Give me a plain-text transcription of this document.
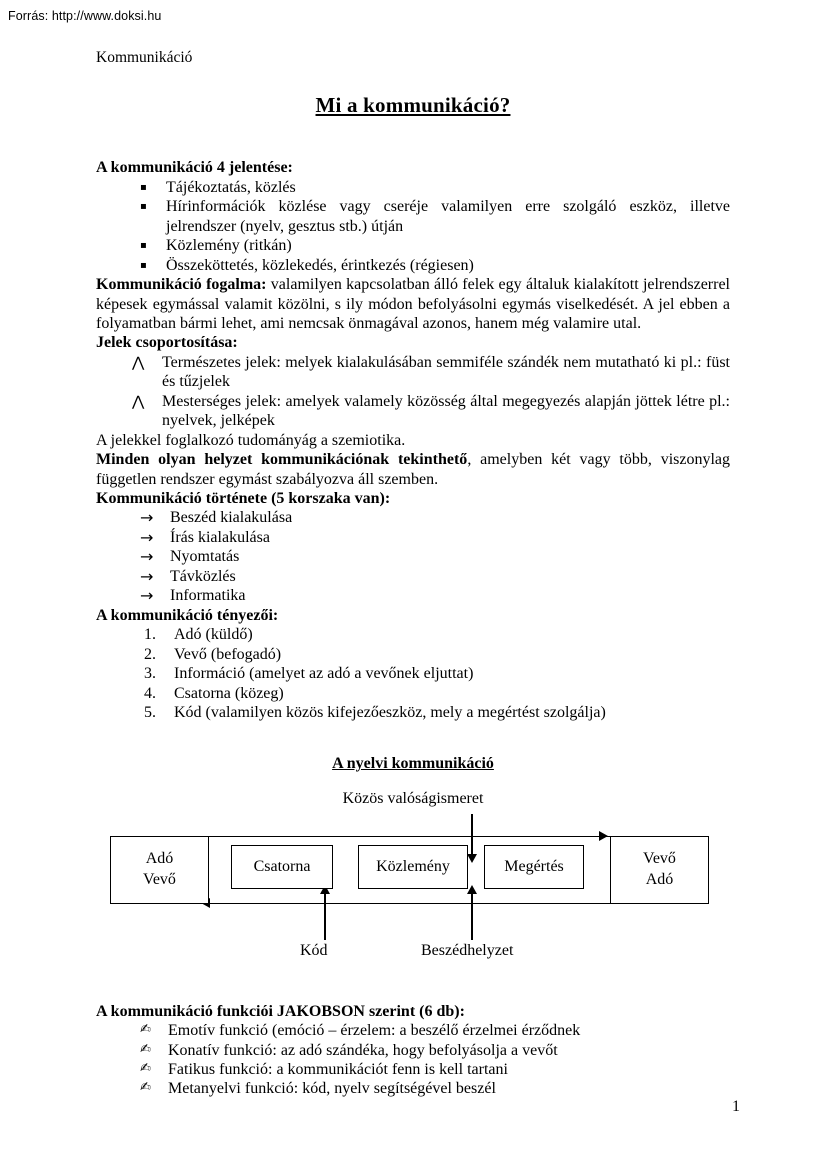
Forrás: http://www.doksi.hu
Kommunikáció
Mi a kommunikáció?
A kommunikáció 4 jelentése:
▪ Tájékoztatás, közlés
▪ Hírinformációk közlése vagy cseréje valamilyen erre szolgáló eszköz, illetve jelrendszer (nyelv, gesztus stb.) útján
▪ Közlemény (ritkán)
▪ Összeköttetés, közlekedés, érintkezés (régiesen)

Kommunikáció fogalma: valamilyen kapcsolatban álló felek egy általuk kialakított jelrendszerrel képesek egymással valamit közölni, s ily módon befolyásolni egymás viselkedését. A jel ebben a folyamatban bármi lehet, ami nemcsak önmagával azonos, hanem még valamire utal.

Jelek csoportosítása:
⋀ Természetes jelek: melyek kialakulásában semmiféle szándék nem mutatható ki pl.: füst és tűzjelek
⋀ Mesterséges jelek: amelyek valamely közösség által megegyezés alapján jöttek létre pl.: nyelvek, jelképek

A jelekkel foglalkozó tudományág a szemiotika.

Minden olyan helyzet kommunikációnak tekinthető, amelyben két vagy több, viszonylag független rendszer egymást szabályozva áll szemben.

Kommunikáció története (5 korszaka van):
→ Beszéd kialakulása
→ Írás kialakulása
→ Nyomtatás
→ Távközlés
→ Informatika
A kommunikáció tényezői:
1. Adó (küldő)
2. Vevő (befogadó)
3. Információ (amelyet az adó a vevőnek eljuttat)
4. Csatorna (közeg)
5. Kód (valamilyen közös kifejezőeszköz, mely a megértést szolgálja)
A nyelvi kommunikáció
Közös valóságismeret
Adó
Vevő
Vevő
Adó
Csatorna	Közlemény	Megértés
Kód	Beszédhelyzet
A kommunikáció funkciói JAKOBSON szerint (6 db):
✍ Emotív funkció (emóció – érzelem: a beszélő érzelmei érződnek
✍ Konatív funkció: az adó szándéka, hogy befolyásolja a vevőt
✍ Fatikus funkció: a kommunikációt fenn is kell tartani
✍ Metanyelvi funkció: kód, nyelv segítségével beszél
1
